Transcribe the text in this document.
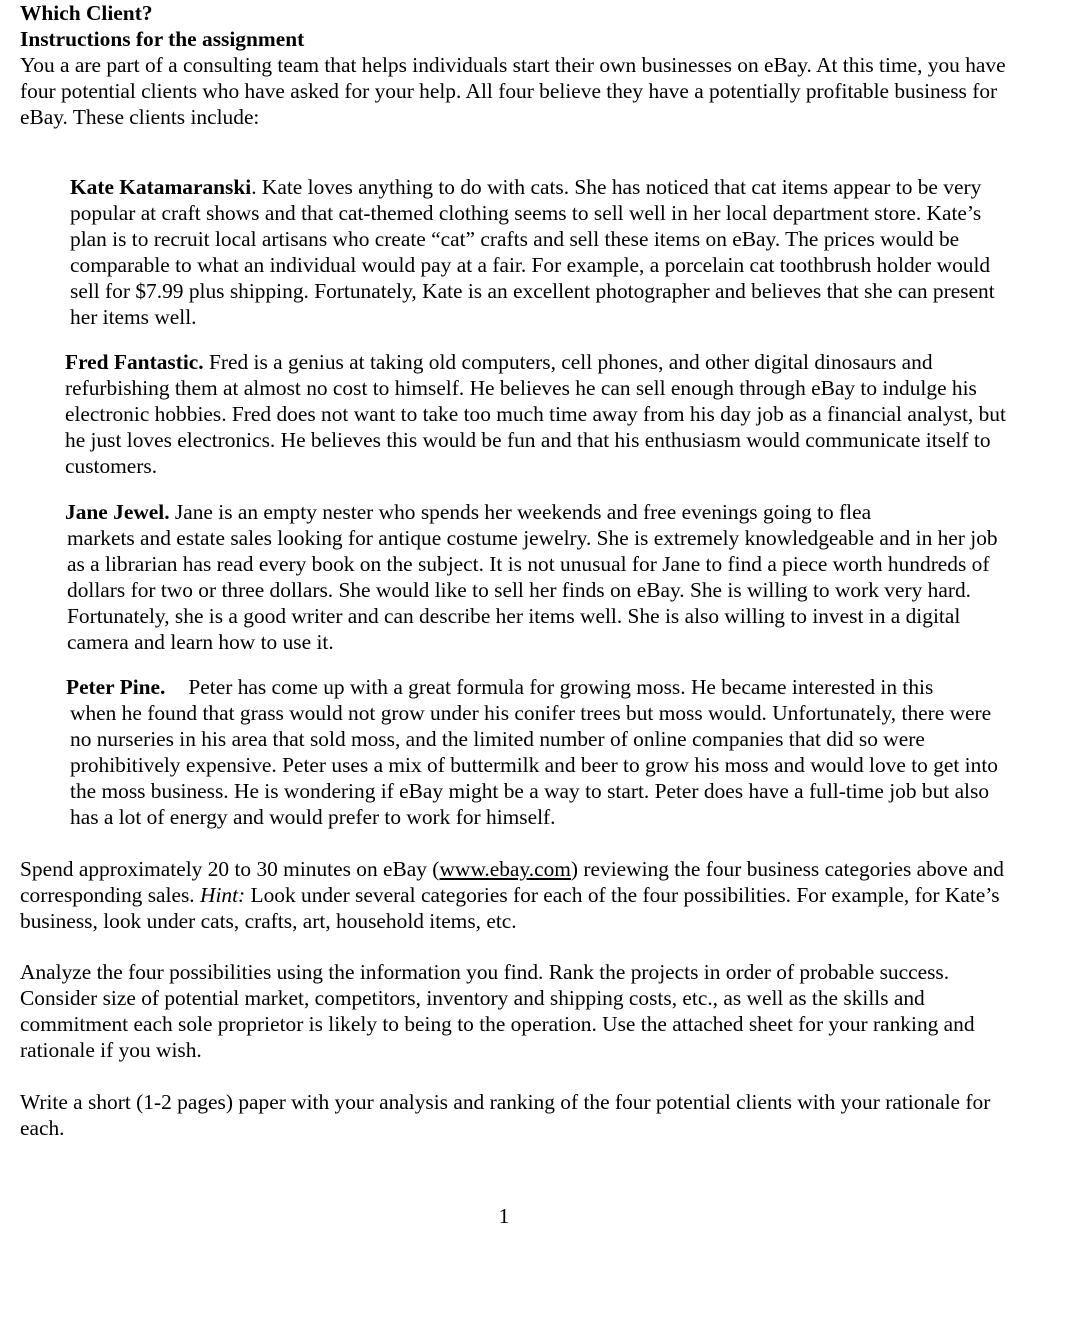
Which Client?

Instructions for the assignment

You a are part of a consulting team that helps individuals start their own businesses on eBay. At this time, you have four potential clients who have asked for your help. All four believe they have a potentially profitable business for eBay. These clients include:

Kate Katamaranski. Kate loves anything to do with cats. She has noticed that cat items appear to be very popular at craft shows and that cat-themed clothing seems to sell well in her local department store. Kate’s plan is to recruit local artisans who create “cat” crafts and sell these items on eBay. The prices would be comparable to what an individual would pay at a fair. For example, a porcelain cat toothbrush holder would sell for $7.99 plus shipping. Fortunately, Kate is an excellent photographer and believes that she can present her items well.

Fred Fantastic. Fred is a genius at taking old computers, cell phones, and other digital dinosaurs and refurbishing them at almost no cost to himself. He believes he can sell enough through eBay to indulge his electronic hobbies. Fred does not want to take too much time away from his day job as a financial analyst, but he just loves electronics. He believes this would be fun and that his enthusiasm would communicate itself to customers.

Jane Jewel. Jane is an empty nester who spends her weekends and free evenings going to flea
markets and estate sales looking for antique costume jewelry. She is extremely knowledgeable and in her job as a librarian has read every book on the subject. It is not unusual for Jane to find a piece worth hundreds of dollars for two or three dollars. She would like to sell her finds on eBay. She is willing to work very hard. Fortunately, she is a good writer and can describe her items well. She is also willing to invest in a digital camera and learn how to use it.

Peter Pine. Peter has come up with a great formula for growing moss. He became interested in this
when he found that grass would not grow under his conifer trees but moss would. Unfortunately, there were no nurseries in his area that sold moss, and the limited number of online companies that did so were prohibitively expensive. Peter uses a mix of buttermilk and beer to grow his moss and would love to get into the moss business. He is wondering if eBay might be a way to start. Peter does have a full-time job but also has a lot of energy and would prefer to work for himself.

Spend approximately 20 to 30 minutes on eBay (www.ebay.com) reviewing the four business categories above and corresponding sales. Hint: Look under several categories for each of the four possibilities. For example, for Kate’s business, look under cats, crafts, art, household items, etc.

Analyze the four possibilities using the information you find. Rank the projects in order of probable success. Consider size of potential market, competitors, inventory and shipping costs, etc., as well as the skills and commitment each sole proprietor is likely to being to the operation. Use the attached sheet for your ranking and rationale if you wish.

Write a short (1-2 pages) paper with your analysis and ranking of the four potential clients with your rationale for each.

1
